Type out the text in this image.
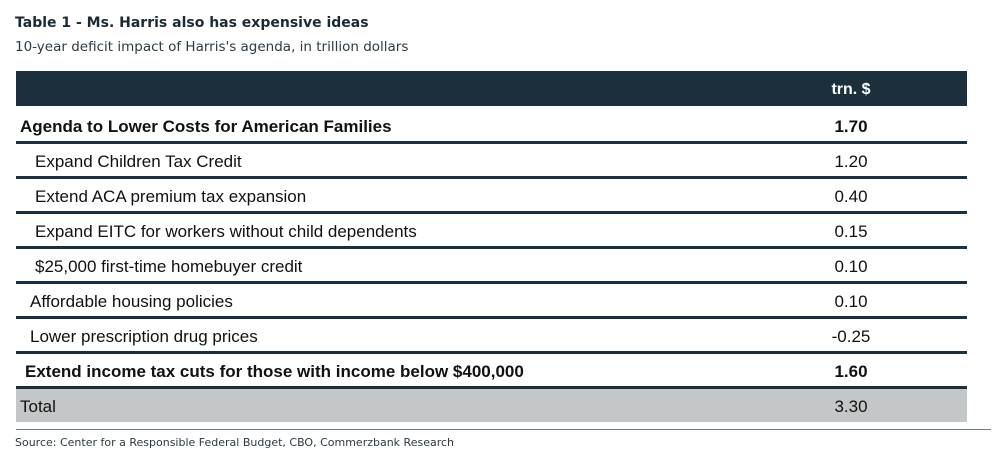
Table 1 - Ms. Harris also has expensive ideas
10-year deficit impact of Harris's agenda, in trillion dollars
trn. $
Agenda to Lower Costs for American Families	1.70
Expand Children Tax Credit	1.20
Extend ACA premium tax expansion	0.40
Expand EITC for workers without child dependents	0.15
$25,000 first-time homebuyer credit	0.10
Affordable housing policies	0.10
Lower prescription drug prices	-0.25
Extend income tax cuts for those with income below $400,000	1.60
Total	3.30
Source: Center for a Responsible Federal Budget, CBO, Commerzbank Research
